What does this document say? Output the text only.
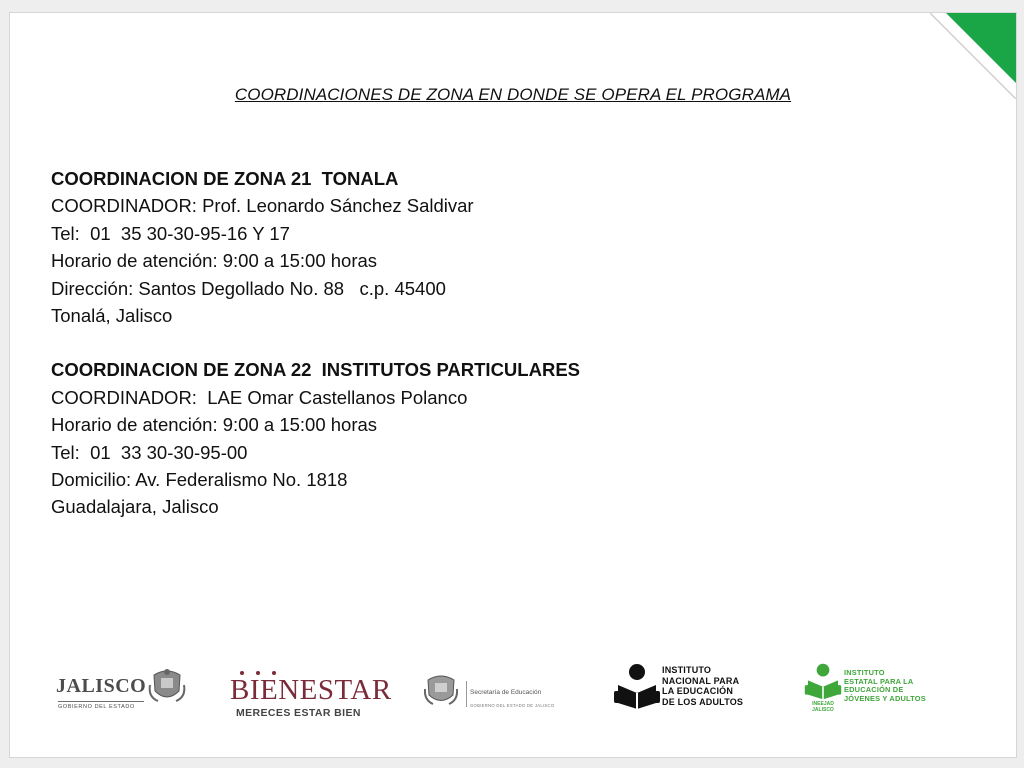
COORDINACIONES DE ZONA EN DONDE SE OPERA EL PROGRAMA
COORDINACION DE ZONA 21  TONALA
COORDINADOR: Prof. Leonardo Sánchez Saldivar
Tel:  01  35 30-30-95-16 Y 17
Horario de atención: 9:00 a 15:00 horas
Dirección: Santos Degollado No. 88   c.p. 45400
Tonalá, Jalisco
COORDINACION DE ZONA 22  INSTITUTOS PARTICULARES
COORDINADOR:  LAE Omar Castellanos Polanco
Horario de atención: 9:00 a 15:00 horas
Tel:  01  33 30-30-95-00
Domicilio: Av. Federalismo No. 1818
Guadalajara, Jalisco
JALISCO
GOBIERNO DEL ESTADO
BIENESTAR
MERECES ESTAR BIEN
Secretaría de Educación
GOBIERNO DEL ESTADO DE JALISCO
INSTITUTO
NACIONAL PARA
LA EDUCACIÓN
DE LOS ADULTOS	INEEJAD
JALISCO
INSTITUTO
ESTATAL PARA LA
EDUCACIÓN DE
JÓVENES Y ADULTOS
